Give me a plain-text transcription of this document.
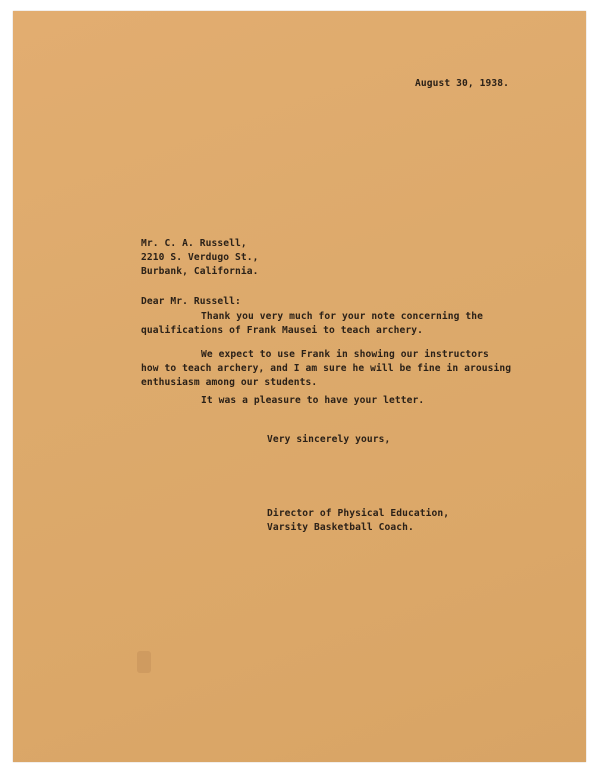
August 30, 1938.

Mr. C. A. Russell,

2210 S. Verdugo St.,

Burbank, California.

Dear Mr. Russell:

Thank you very much for your note concerning the

qualifications of Frank Mausei to teach archery.

We expect to use Frank in showing our instructors

how to teach archery, and I am sure he will be fine in arousing

enthusiasm among our students.

It was a pleasure to have your letter.

Very sincerely yours,

Director of Physical Education,

Varsity Basketball Coach.
